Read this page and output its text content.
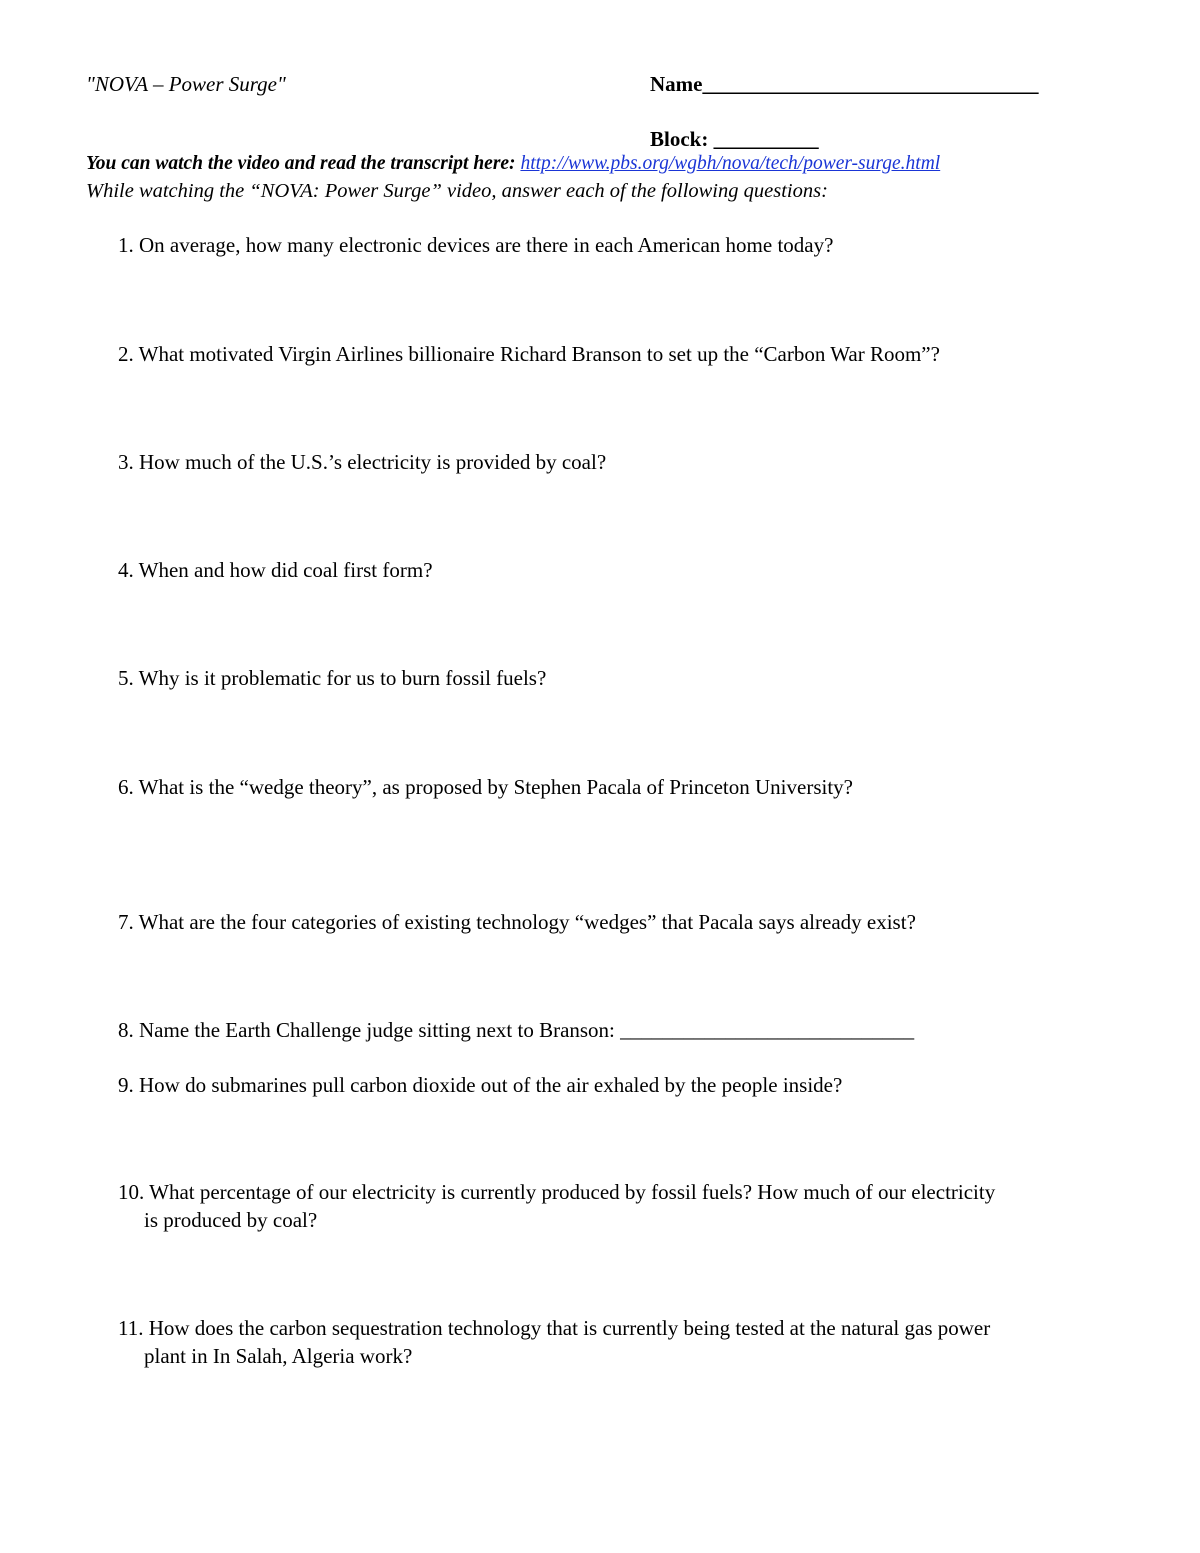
"NOVA – Power Surge"	Name________________________________
Block: __________
You can watch the video and read the transcript here: http://www.pbs.org/wgbh/nova/tech/power-surge.html
While watching the “NOVA: Power Surge” video, answer each of the following questions:
1. On average, how many electronic devices are there in each American home today?
2. What motivated Virgin Airlines billionaire Richard Branson to set up the “Carbon War Room”?
3. How much of the U.S.’s electricity is provided by coal?
4. When and how did coal first form?
5. Why is it problematic for us to burn fossil fuels?
6. What is the “wedge theory”, as proposed by Stephen Pacala of Princeton University?
7. What are the four categories of existing technology “wedges” that Pacala says already exist?
8. Name the Earth Challenge judge sitting next to Branson: ____________________________
9. How do submarines pull carbon dioxide out of the air exhaled by the people inside?
10. What percentage of our electricity is currently produced by fossil fuels? How much of our electricity
is produced by coal?
11. How does the carbon sequestration technology that is currently being tested at the natural gas power
plant in In Salah, Algeria work?
